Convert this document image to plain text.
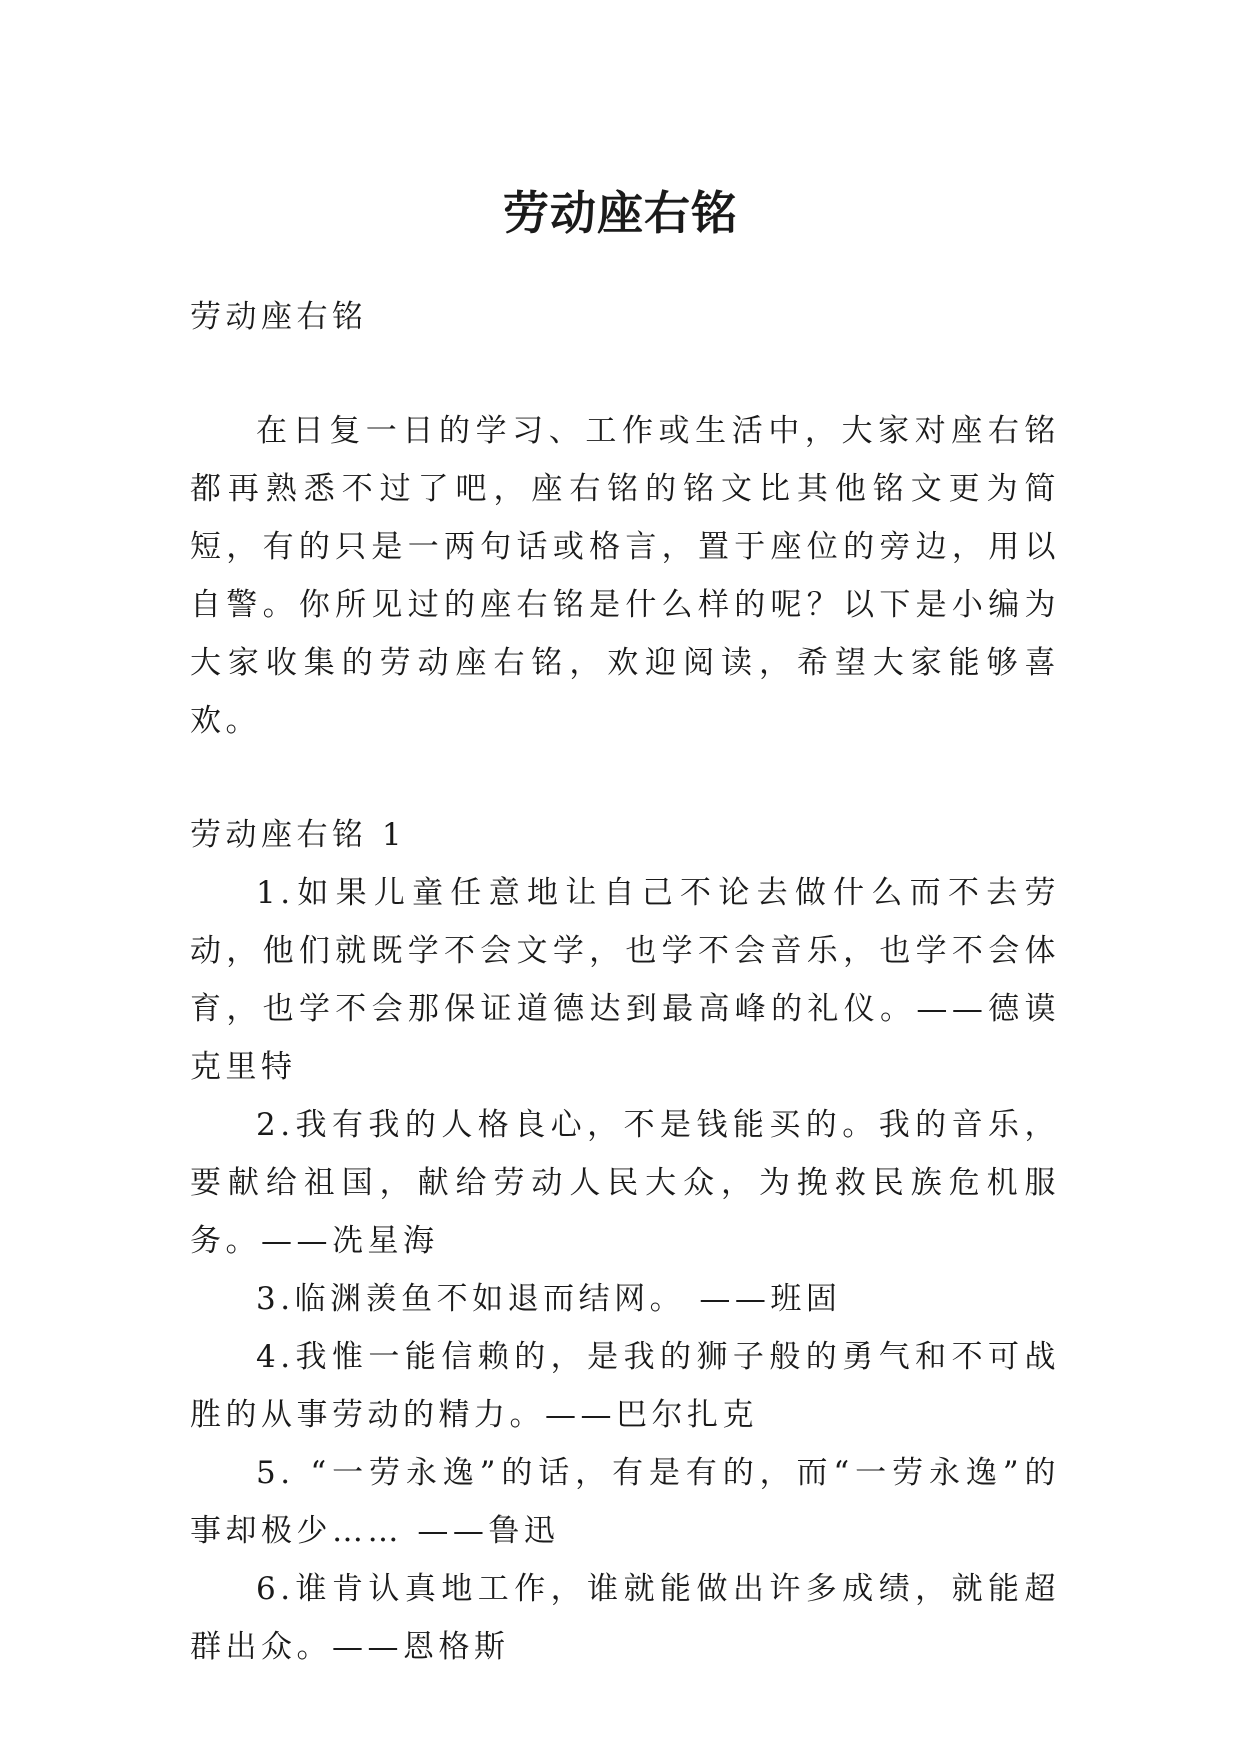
劳动座右铭

劳动座右铭

在日复一日的学习、工作或生活中，大家对座右铭都再熟悉不过了吧，座右铭的铭文比其他铭文更为简短，有的只是一两句话或格言，置于座位的旁边，用以自警。你所见过的座右铭是什么样的呢？以下是小编为大家收集的劳动座右铭，欢迎阅读，希望大家能够喜欢。

劳动座右铭 1

1.如果儿童任意地让自己不论去做什么而不去劳动，他们就既学不会文学，也学不会音乐，也学不会体育，也学不会那保证道德达到最高峰的礼仪。——德谟克里特

2.我有我的人格良心，不是钱能买的。我的音乐，要献给祖国，献给劳动人民大众，为挽救民族危机服务。——冼星海

3.临渊羡鱼不如退而结网。 ——班固

4.我惟一能信赖的，是我的狮子般的勇气和不可战胜的从事劳动的精力。——巴尔扎克

5. “一劳永逸”的话，有是有的，而“一劳永逸”的事却极少…… ——鲁迅

6.谁肯认真地工作，谁就能做出许多成绩，就能超群出众。——恩格斯
